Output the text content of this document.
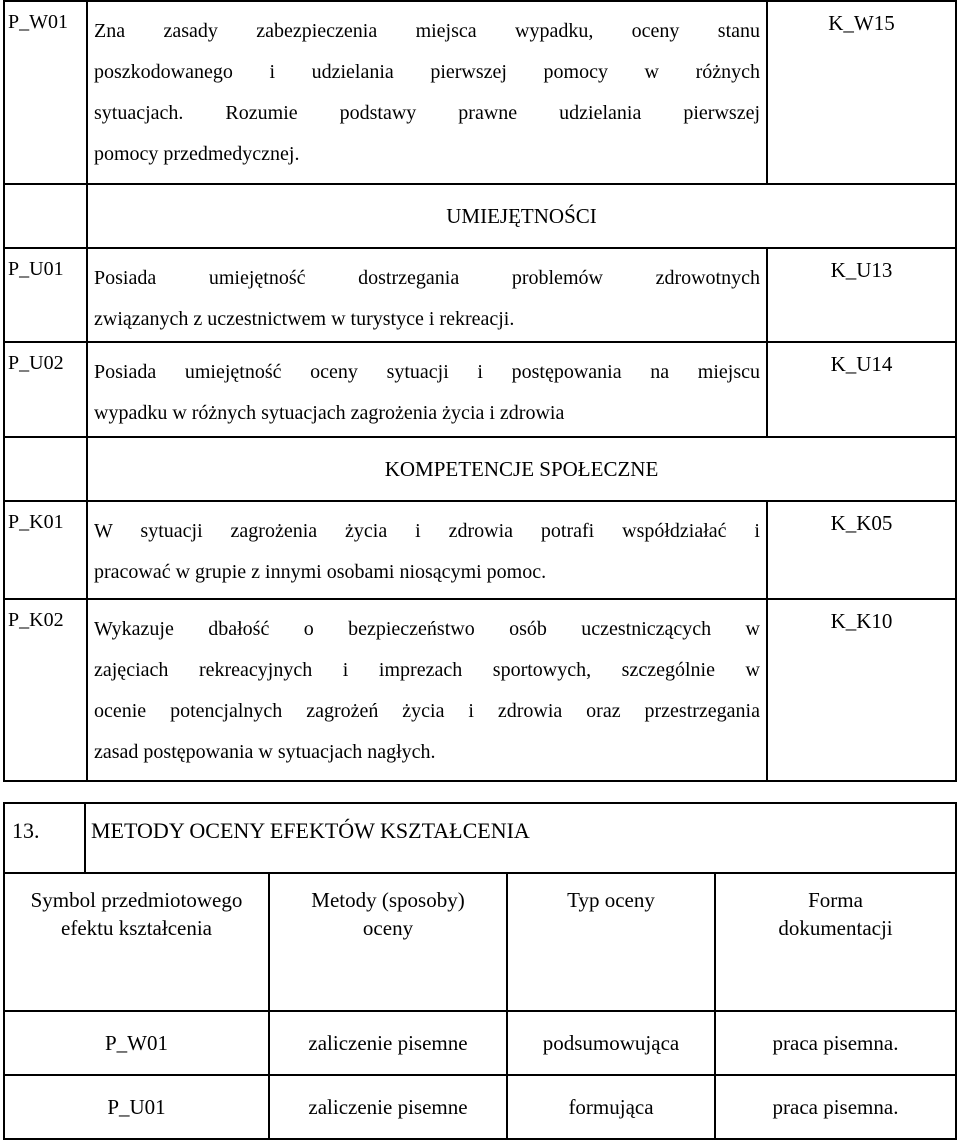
P_W01	Zna zasady zabezpieczenia miejsca wypadku, oceny stanu

poszkodowanego i udzielania pierwszej pomocy w różnych

sytuacjach. Rozumie podstawy prawne udzielania pierwszej

pomocy przedmedycznej.	K_W15
	UMIEJĘTNOŚCI	
P_U01	Posiada umiejętność dostrzegania problemów zdrowotnych

związanych z uczestnictwem w turystyce i rekreacji.	K_U13
P_U02	Posiada umiejętność oceny sytuacji i postępowania na miejscu

wypadku w różnych sytuacjach zagrożenia życia i zdrowia	K_U14
	KOMPETENCJE SPOŁECZNE	
P_K01	W sytuacji zagrożenia życia i zdrowia potrafi współdziałać i

pracować w grupie z innymi osobami niosącymi pomoc.	K_K05
P_K02	Wykazuje dbałość o bezpieczeństwo osób uczestniczących w

zajęciach rekreacyjnych i imprezach sportowych, szczególnie w

ocenie potencjalnych zagrożeń życia i zdrowia oraz przestrzegania

zasad postępowania w sytuacjach nagłych.	K_K10
13. METODY OCENY EFEKTÓW KSZTAŁCENIA
Symbol przedmiotowego
efektu kształcenia	Metody (sposoby)
oceny	Typ oceny	Forma
dokumentacji
P_W01	zaliczenie pisemne	podsumowująca	praca pisemna.
P_U01	zaliczenie pisemne	formująca	praca pisemna.
